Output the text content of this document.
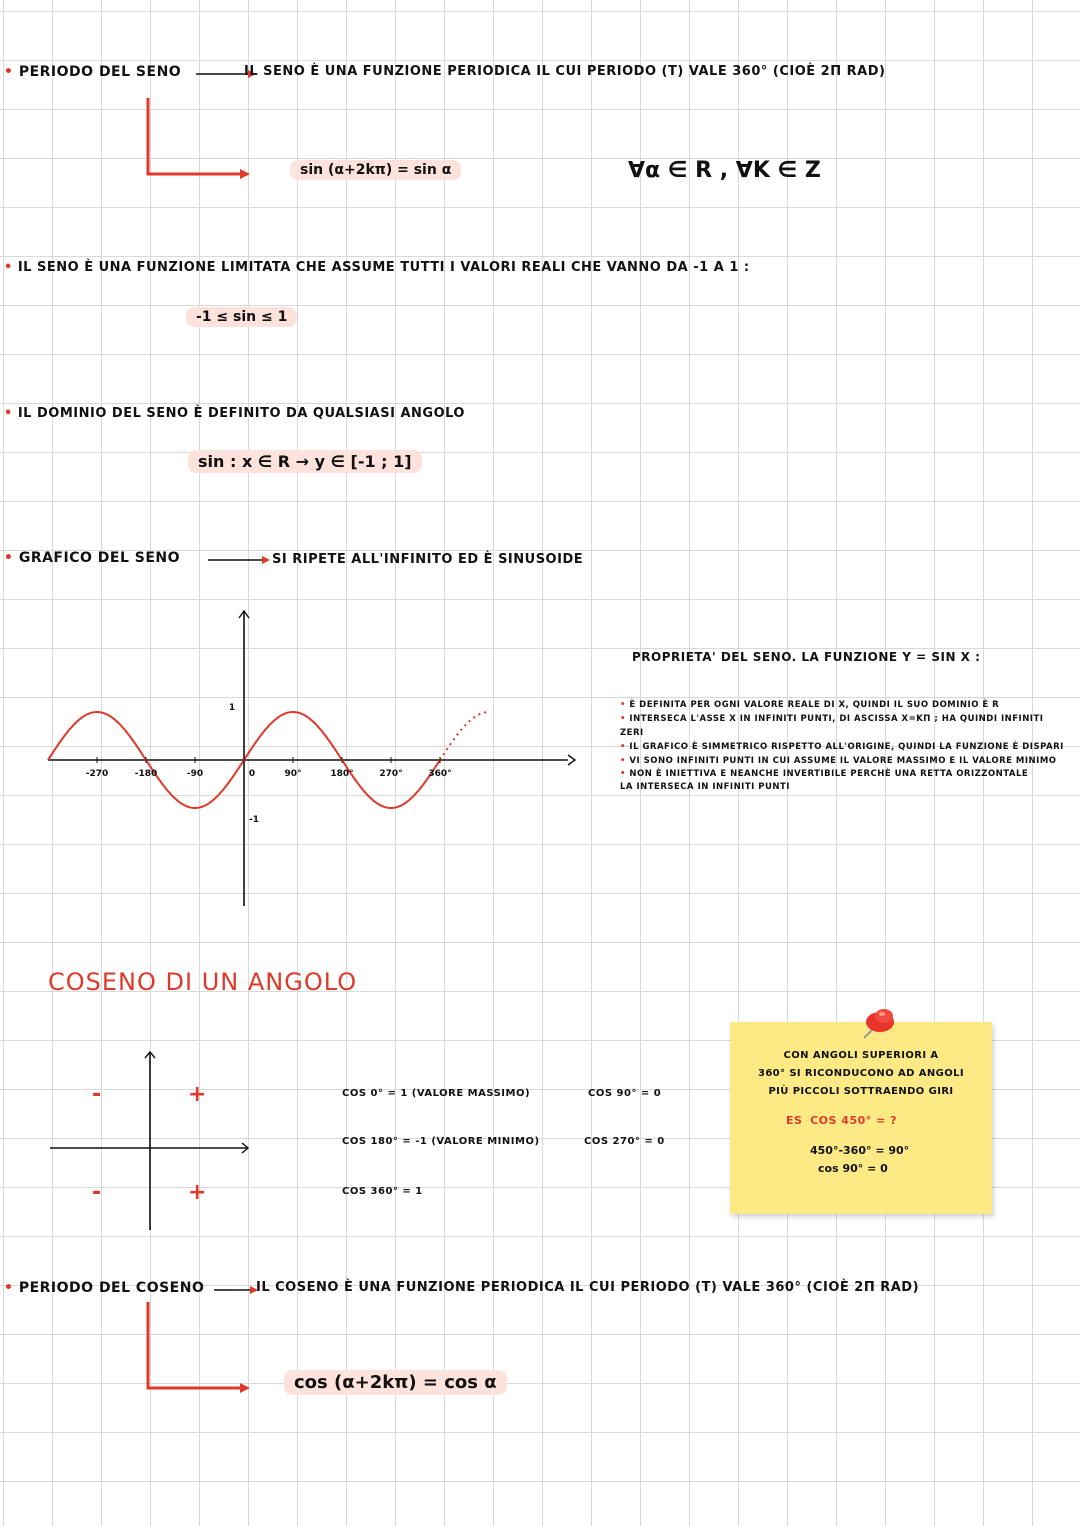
• PERIODO DEL SENO	IL SENO È UNA FUNZIONE PERIODICA IL CUI PERIODO (T) VALE 360° (CIOÈ 2Π RAD)
sin (α+2kπ) = sin α	∀α ∈ R , ∀K ∈ Z
• IL SENO È UNA FUNZIONE LIMITATA CHE ASSUME TUTTI I VALORI REALI CHE VANNO DA -1 A 1 :
-1 ≤ sin ≤ 1
• IL DOMINIO DEL SENO È DEFINITO DA QUALSIASI ANGOLO
sin : x ∈ R → y ∈ [-1 ; 1]
• GRAFICO DEL SENO	SI RIPETE ALL'INFINITO ED È SINUSOIDE
-270	-180	-90	0	90°	180°	270°	360°
1
-1
PROPRIETA' DEL SENO. LA FUNZIONE Y = SIN X :
• È DEFINITA PER OGNI VALORE REALE DI X, QUINDI IL SUO DOMINIO È R
• INTERSECA L'ASSE X IN INFINITI PUNTI, DI ASCISSA X=KΠ ; HA QUINDI INFINITI ZERI
• IL GRAFICO È SIMMETRICO RISPETTO ALL'ORIGINE, QUINDI LA FUNZIONE È DISPARI
• VI SONO INFINITI PUNTI IN CUI ASSUME IL VALORE MASSIMO E IL VALORE MINIMO
• NON È INIETTIVA E NEANCHE INVERTIBILE PERCHÈ UNA RETTA ORIZZONTALE LA INTERSECA IN INFINITI PUNTI
COSENO DI UN ANGOLO
-	+
-	+
COS 0° = 1 (VALORE MASSIMO)	COS 90° = 0
COS 180° = -1 (VALORE MINIMO)	COS 270° = 0
COS 360° = 1
CON ANGOLI SUPERIORI A
360° SI RICONDUCONO AD ANGOLI
PIÙ PICCOLI SOTTRAENDO GIRI
ES COS 450° = ?
450°-360° = 90°
cos 90° = 0
• PERIODO DEL COSENO	IL COSENO È UNA FUNZIONE PERIODICA IL CUI PERIODO (T) VALE 360° (CIOÈ 2Π RAD)
cos (α+2kπ) = cos α
